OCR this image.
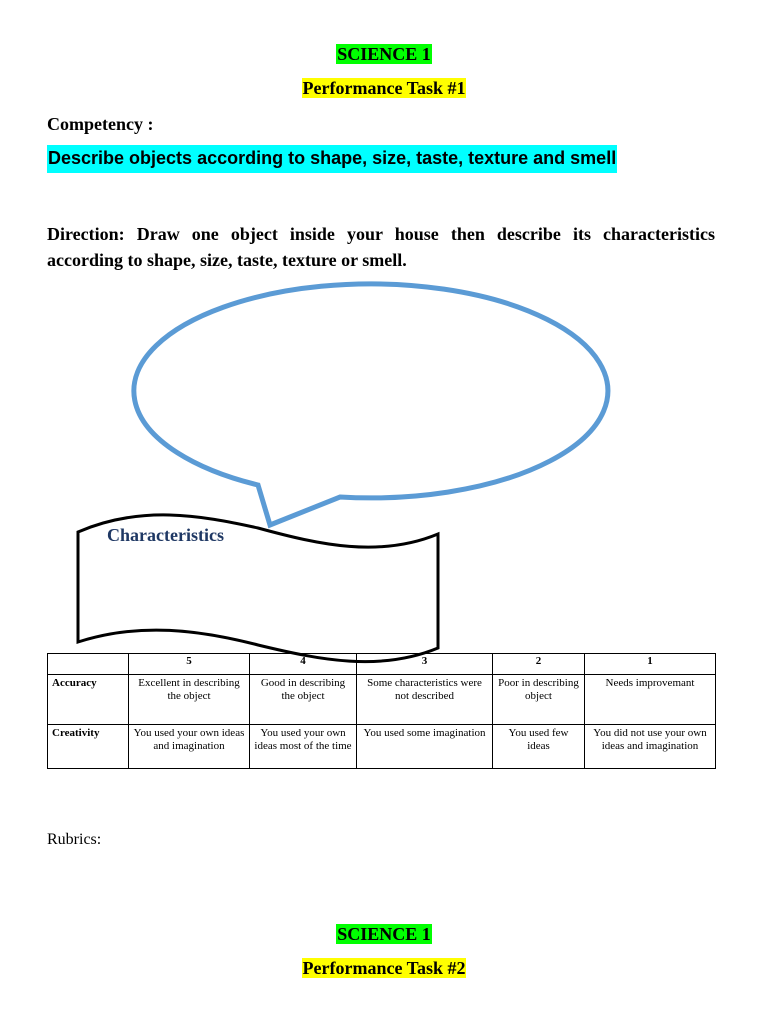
SCIENCE 1
Performance Task #1
Competency :
Describe objects according to shape, size, taste, texture and smell
Direction: Draw one object inside your house then describe its characteristics according to shape, size, taste, texture or smell.
Characteristics
	5	4	3	2	1
Accuracy	Excellent in describing the object	Good in describing the object	Some characteristics were not described	Poor in describing object	Needs improvemant
Creativity	You used your own ideas and imagination	You used your own ideas most of the time	You used some imagination	You used few ideas	You did not use your own ideas and imagination
Rubrics:
SCIENCE 1
Performance Task #2
